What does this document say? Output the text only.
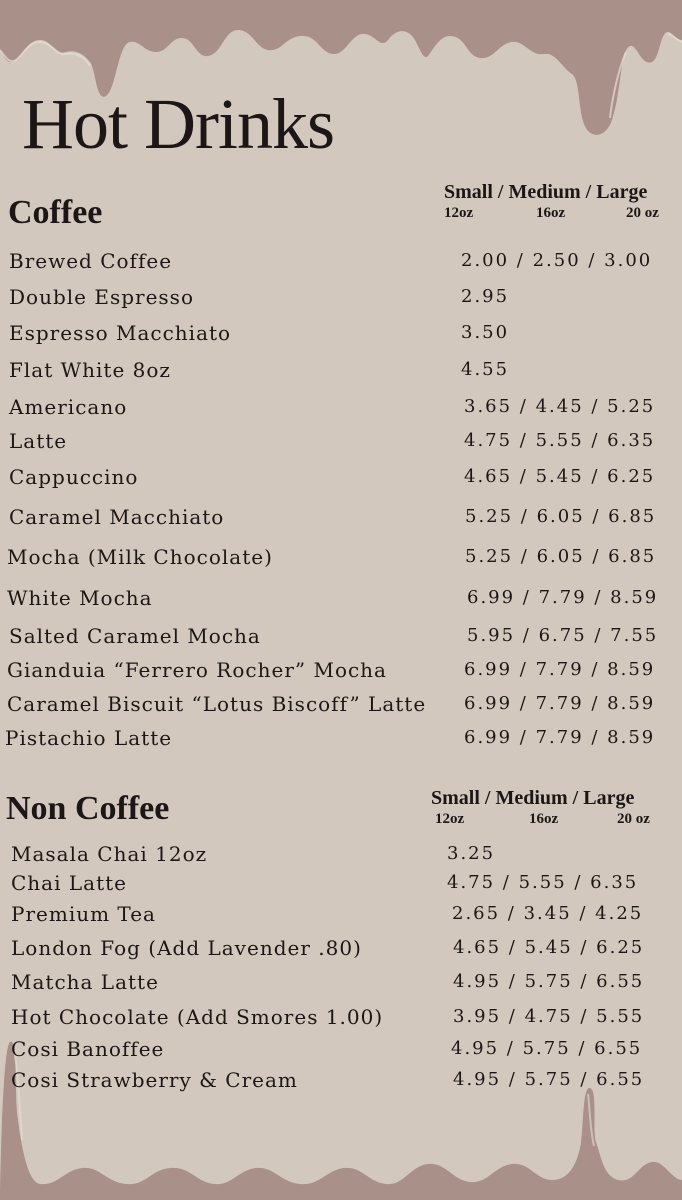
Hot Drinks
Coffee
Small / Medium / Large
12oz	16oz	20 oz
Brewed Coffee	2.00 / 2.50 / 3.00
Double Espresso	2.95
Espresso Macchiato	3.50
Flat White 8oz	4.55
Americano	3.65 / 4.45 / 5.25
Latte	4.75 / 5.55 / 6.35
Cappuccino	4.65 / 5.45 / 6.25
Caramel Macchiato	5.25 / 6.05 / 6.85
Mocha (Milk Chocolate)	5.25 / 6.05 / 6.85
White Mocha	6.99 / 7.79 / 8.59
Salted Caramel Mocha	5.95 / 6.75 / 7.55
Gianduia “Ferrero Rocher” Mocha	6.99 / 7.79 / 8.59
Caramel Biscuit “Lotus Biscoff” Latte 6.99 / 7.79 / 8.59
Pistachio Latte	6.99 / 7.79 / 8.59
Non Coffee	Small / Medium / Large
12oz	16oz	20 oz
Masala Chai 12oz	3.25
Chai Latte	4.75 / 5.55 / 6.35
Premium Tea	2.65 / 3.45 / 4.25
London Fog (Add Lavender .80)	4.65 / 5.45 / 6.25
Matcha Latte	4.95 / 5.75 / 6.55
Hot Chocolate (Add Smores 1.00)	3.95 / 4.75 / 5.55
Cosi Banoffee	4.95 / 5.75 / 6.55
Cosi Strawberry & Cream	4.95 / 5.75 / 6.55
